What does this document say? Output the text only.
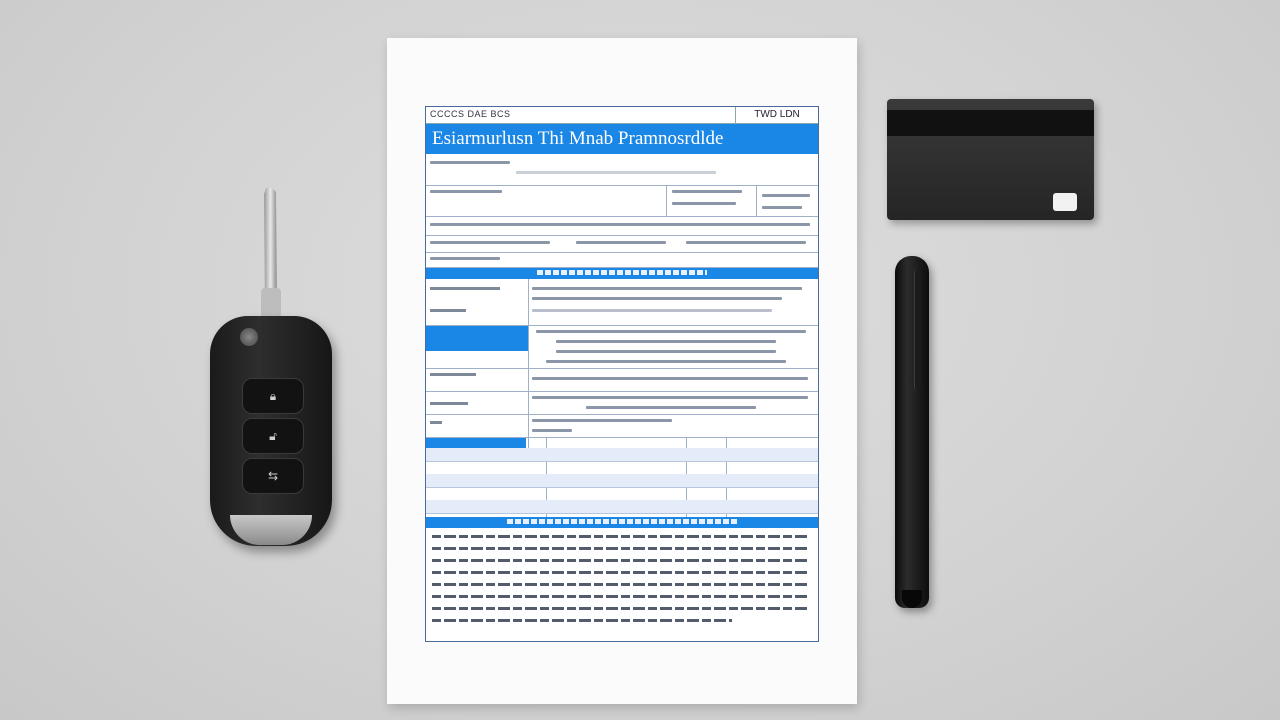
🔒︎
🔓︎
⇆
CCCCS DAE BCS	TWD LDN
Esiarmurlusn Thi Mnab Pramnosrdlde
